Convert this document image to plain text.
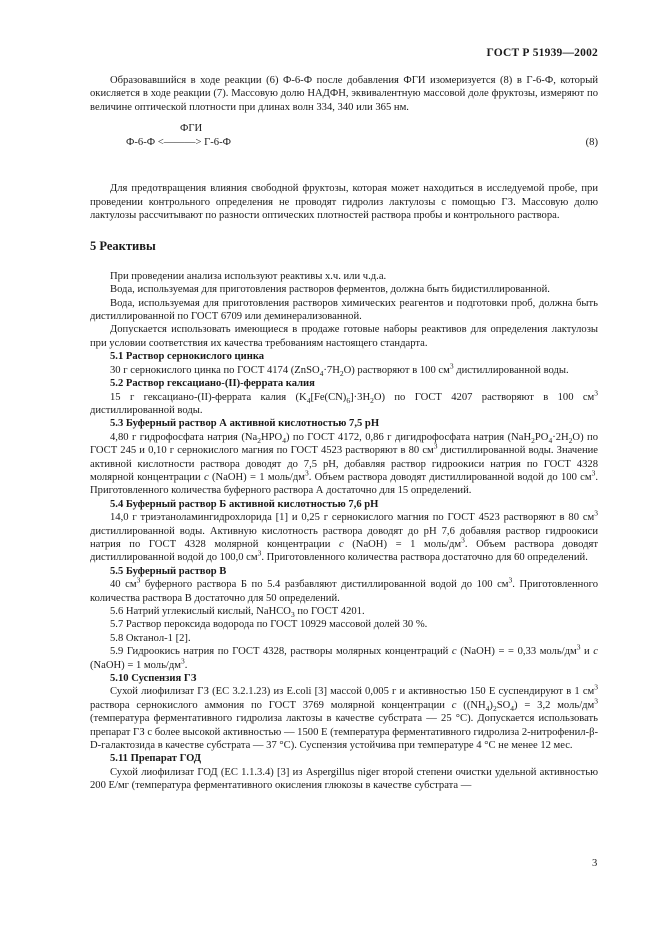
ГОСТ Р 51939—2002

Образовавшийся в ходе реакции (6) Ф-6-Ф после добавления ФГИ изомеризуется (8) в Г-6-Ф, который окисляется в ходе реакции (7). Массовую долю НАДФН, эквивалентную массовой доле фруктозы, измеряют по величине оптической плотности при длинах волн 334, 340 или 365 нм.

ФГИ
Ф-6-Ф <———> Г-6-Ф	(8)

Для предотвращения влияния свободной фруктозы, которая может находиться в исследуемой пробе, при проведении контрольного определения не проводят гидролиз лактулозы с помощью ГЗ. Массовую долю лактулозы рассчитывают по разности оптических плотностей раствора пробы и контрольного раствора.

5 Реактивы

При проведении анализа используют реактивы х.ч. или ч.д.а.

Вода, используемая для приготовления растворов ферментов, должна быть бидистиллированной.

Вода, используемая для приготовления растворов химических реагентов и подготовки проб, должна быть дистиллированной по ГОСТ 6709 или деминерализованной.

Допускается использовать имеющиеся в продаже готовые наборы реактивов для определения лактулозы при условии соответствия их качества требованиям настоящего стандарта.

5.1 Раствор сернокислого цинка

30 г сернокислого цинка по ГОСТ 4174 $(ZnSO_4\cdot 7H_2O)$ растворяют в 100 $см^3$ дистиллированной воды.

5.2 Раствор гексациано-(II)-феррата калия

15 г гексациано-(II)-феррата калия $(K_4[Fe(CN)_6]\cdot 3H_2O)$ по ГОСТ 4207 растворяют в 100 $см^3$ дистиллированной воды.

5.3 Буферный раствор А активной кислотностью 7,5 pH

4,80 г гидрофосфата натрия $(Na_2HPO_4)$ по ГОСТ 4172, 0,86 г дигидрофосфата натрия $(NaH_2PO_4\cdot 2H_2O)$ по ГОСТ 245 и 0,10 г сернокислого магния по ГОСТ 4523 растворяют в 80 $см^3$ дистиллированной воды. Значение активной кислотности раствора доводят до 7,5 pH, добавляя раствор гидроокиси натрия по ГОСТ 4328 молярной концентрации c (NaOH) = 1 моль/$дм^3$. Объем раствора доводят дистиллированной водой до 100 $см^3$. Приготовленного количества буферного раствора А достаточно для 15 определений.

5.4 Буферный раствор Б активной кислотностью 7,6 pH

14,0 г триэтаноламингидрохлорида [1] и 0,25 г сернокислого магния по ГОСТ 4523 растворяют в 80 $см^3$ дистиллированной воды. Активную кислотность раствора доводят до pH 7,6 добавляя раствор гидроокиси натрия по ГОСТ 4328 молярной концентрации c (NaOH) = 1 моль/$дм^3$. Объем раствора доводят дистиллированной водой до 100,0 $см^3$. Приготовленного количества раствора достаточно для 60 определений.

5.5 Буферный раствор В

40 $см^3$ буферного раствора Б по 5.4 разбавляют дистиллированной водой до 100 $см^3$. Приготовленного количества раствора В достаточно для 50 определений.

5.6 Натрий углекислый кислый, NaHCO$_3$ по ГОСТ 4201.

5.7 Раствор пероксида водорода по ГОСТ 10929 массовой долей 30 %.

5.8 Октанол-1 [2].

5.9 Гидроокись натрия по ГОСТ 4328, растворы молярных концентраций c (NaOH) = = 0,33 моль/$дм^3$ и c (NaOH) = 1 моль/$дм^3$.

5.10 Суспензия ГЗ

Сухой лиофилизат ГЗ (ЕС 3.2.1.23) из E.coli [3] массой 0,005 г и активностью 150 Е суспендируют в 1 $см^3$ раствора сернокислого аммония по ГОСТ 3769 молярной концентрации c $((NH_4)_2SO_4) = 3,2$ моль/$дм^3$ (температура ферментативного гидролиза лактозы в качестве субстрата — 25 °С). Допускается использовать препарат ГЗ с более высокой активностью — 1500 Е (температура ферментативного гидролиза 2-нитрофенил-β-D-галактозида в качестве субстрата — 37 °С). Суспензия устойчива при температуре 4 °С не менее 12 мес.

5.11 Препарат ГОД

Сухой лиофилизат ГОД (ЕС 1.1.3.4) [3] из Aspergillus niger второй степени очистки удельной активностью 200 Е/мг (температура ферментативного окисления глюкозы в качестве субстрата —

3
